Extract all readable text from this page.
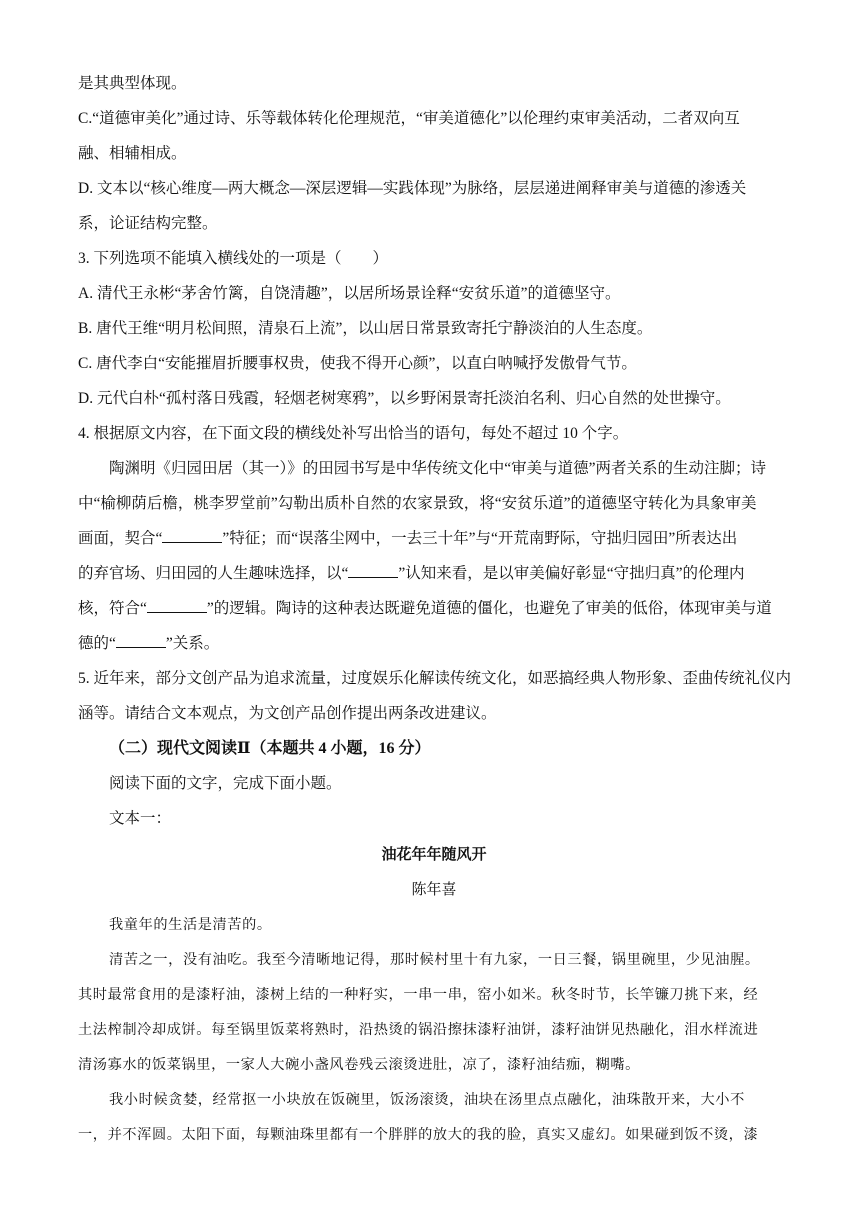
是其典型体现。

C.“道德审美化”通过诗、乐等载体转化伦理规范，“审美道德化”以伦理约束审美活动，二者双向互

融、相辅相成。

D. 文本以“核心维度—两大概念—深层逻辑—实践体现”为脉络，层层递进阐释审美与道德的渗透关

系，论证结构完整。

3. 下列选项不能填入横线处的一项是（　　）

A. 清代王永彬“茅舍竹篱，自饶清趣”，以居所场景诠释“安贫乐道”的道德坚守。

B. 唐代王维“明月松间照，清泉石上流”，以山居日常景致寄托宁静淡泊的人生态度。

C. 唐代李白“安能摧眉折腰事权贵，使我不得开心颜”，以直白呐喊抒发傲骨气节。

D. 元代白朴“孤村落日残霞，轻烟老树寒鸦”，以乡野闲景寄托淡泊名利、归心自然的处世操守。

4. 根据原文内容，在下面文段的横线处补写出恰当的语句，每处不超过 10 个字。

陶渊明《归园田居（其一）》的田园书写是中华传统文化中“审美与道德”两者关系的生动注脚；诗

中“榆柳荫后檐，桃李罗堂前”勾勒出质朴自然的农家景致，将“安贫乐道”的道德坚守转化为具象审美

画面，契合“	”特征；而“误落尘网中，一去三十年”与“开荒南野际，守拙归园田”所表达出

的弃官场、归田园的人生趣味选择，以“	”认知来看，是以审美偏好彰显“守拙归真”的伦理内

核，符合“	”的逻辑。陶诗的这种表达既避免道德的僵化，也避免了审美的低俗，体现审美与道

德的“	”关系。

5. 近年来，部分文创产品为追求流量，过度娱乐化解读传统文化，如恶搞经典人物形象、歪曲传统礼仪内

涵等。请结合文本观点，为文创产品创作提出两条改进建议。

（二）现代文阅读Ⅱ（本题共 4 小题，16 分）

阅读下面的文字，完成下面小题。

文本一：

油花年年随风开

陈年喜

我童年的生活是清苦的。

清苦之一，没有油吃。我至今清晰地记得，那时候村里十有九家，一日三餐，锅里碗里，少见油腥。

其时最常食用的是漆籽油，漆树上结的一种籽实，一串一串，窑小如米。秋冬时节，长竿镰刀挑下来，经

土法榨制冷却成饼。每至锅里饭菜将熟时，沿热烫的锅沿擦抹漆籽油饼，漆籽油饼见热融化，泪水样流进

清汤寡水的饭菜锅里，一家人大碗小盏风卷残云滚烫进肚，凉了，漆籽油结痂，糊嘴。

我小时候贪婪，经常抠一小块放在饭碗里，饭汤滚烫，油块在汤里点点融化，油珠散开来，大小不

一，并不浑圆。太阳下面，每颗油珠里都有一个胖胖的放大的我的脸，真实又虚幻。如果碰到饭不烫，漆
